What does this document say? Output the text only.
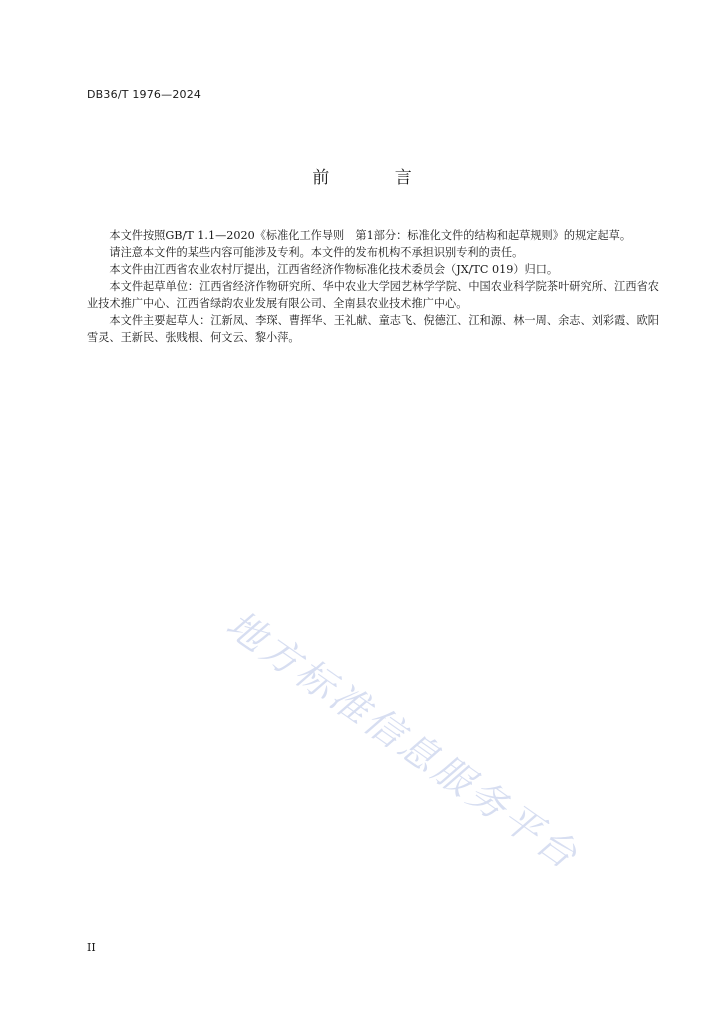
DB36/T 1976—2024
前 言

本文件按照GB/T 1.1—2020《标准化工作导则　第1部分：标准化文件的结构和起草规则》的规定起草。

请注意本文件的某些内容可能涉及专利。本文件的发布机构不承担识别专利的责任。

本文件由江西省农业农村厅提出，江西省经济作物标准化技术委员会（JX/TC 019）归口。

本文件起草单位：江西省经济作物研究所、华中农业大学园艺林学学院、中国农业科学院茶叶研究所、江西省农业技术推广中心、江西省绿韵农业发展有限公司、全南县农业技术推广中心。

本文件主要起草人：江新凤、李琛、曹挥华、王礼献、童志飞、倪德江、江和源、林一周、余志、刘彩霞、欧阳雪灵、王新民、张贱根、何文云、黎小萍。

地方标准信息服务平台
II
